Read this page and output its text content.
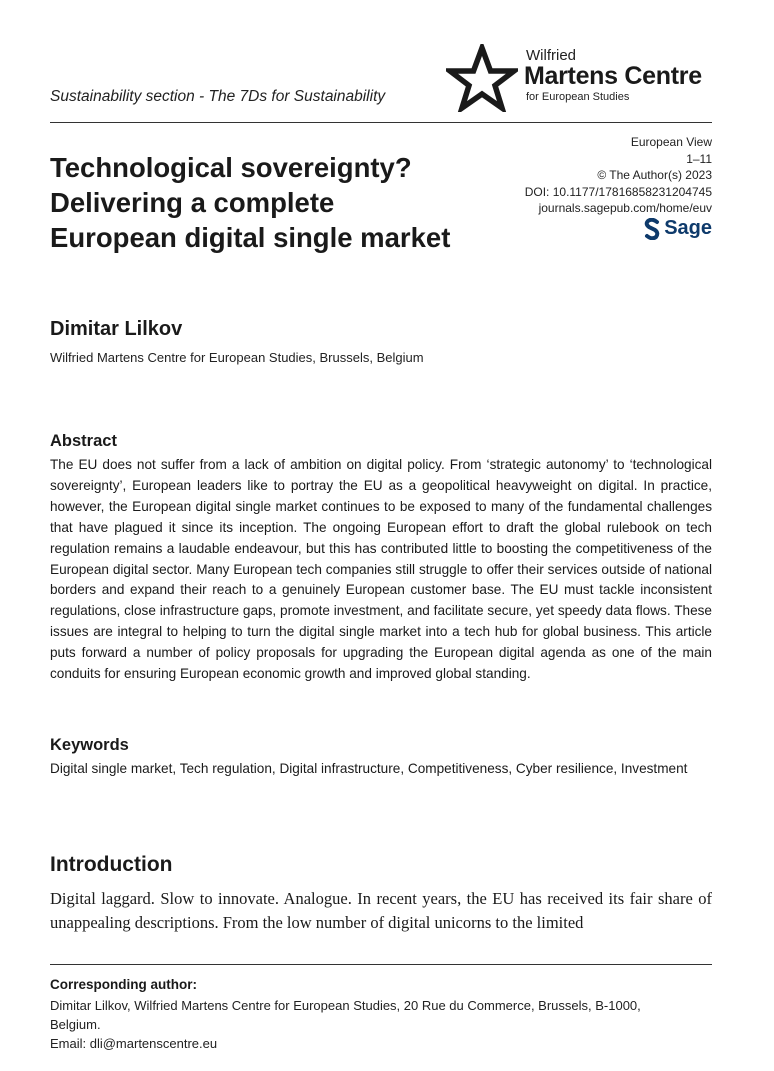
Sustainability section - The 7Ds for Sustainability
Wilfried
Martens Centre
for European Studies
European View
1–11
© The Author(s) 2023
DOI: 10.1177/17816858231204745
journals.sagepub.com/home/euv
Sage
Technological sovereignty?
Delivering a complete
European digital single market
Dimitar Lilkov
Wilfried Martens Centre for European Studies, Brussels, Belgium
Abstract

The EU does not suffer from a lack of ambition on digital policy. From ‘strategic autonomy’ to ‘technological sovereignty’, European leaders like to portray the EU as a geopolitical heavyweight on digital. In practice, however, the European digital single market continues to be exposed to many of the fundamental challenges that have plagued it since its inception. The ongoing European effort to draft the global rulebook on tech regulation remains a laudable endeavour, but this has contributed little to boosting the competitiveness of the European digital sector. Many European tech companies still struggle to offer their services outside of national borders and expand their reach to a genuinely European customer base. The EU must tackle inconsistent regulations, close infrastructure gaps, promote investment, and facilitate secure, yet speedy data flows. These issues are integral to helping to turn the digital single market into a tech hub for global business. This article puts forward a number of policy proposals for upgrading the European digital agenda as one of the main conduits for ensuring European economic growth and improved global standing.

Keywords

Digital single market, Tech regulation, Digital infrastructure, Competitiveness, Cyber resilience, Investment

Introduction

Digital laggard. Slow to innovate. Analogue. In recent years, the EU has received its fair share of unappealing descriptions. From the low number of digital unicorns to the limited

Corresponding author:

Dimitar Lilkov, Wilfried Martens Centre for European Studies, 20 Rue du Commerce, Brussels, B-1000,
Belgium.
Email: dli@martenscentre.eu
